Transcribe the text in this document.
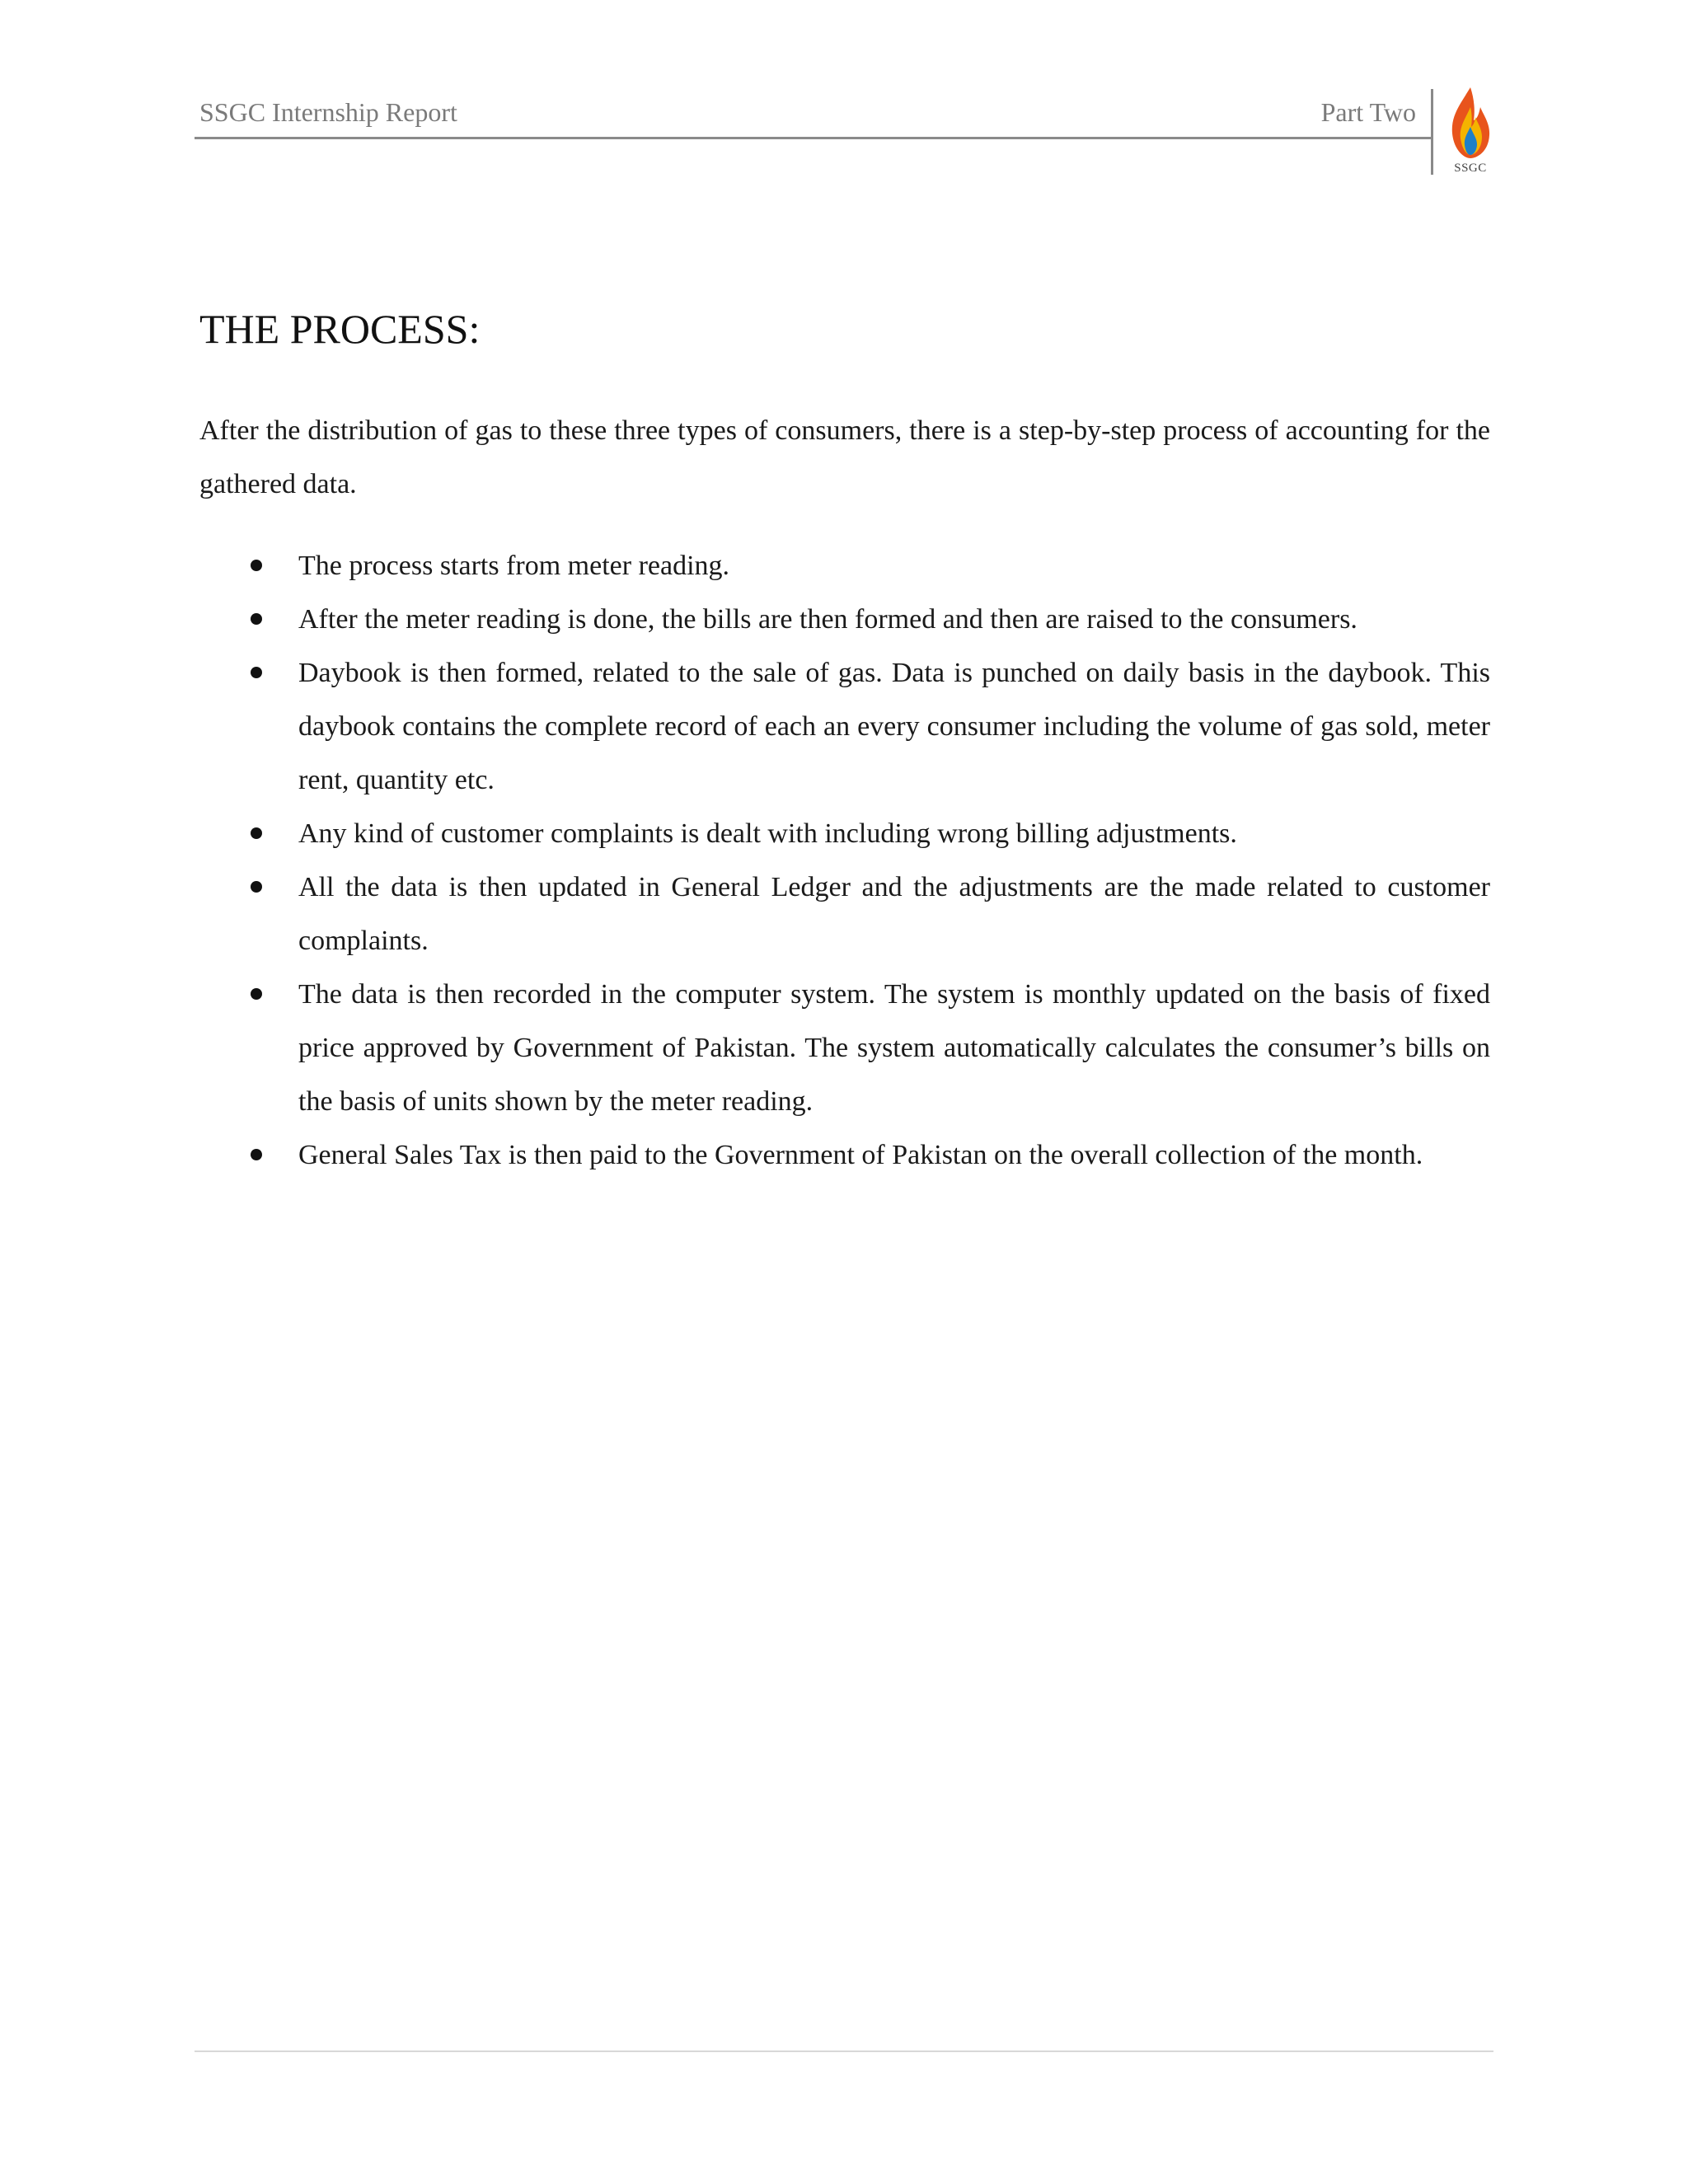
SSGC Internship Report	Part Two
SSGC
THE PROCESS:

After the distribution of gas to these three types of consumers, there is a step-by-step process of accounting for the gathered data.

The process starts from meter reading.
After the meter reading is done, the bills are then formed and then are raised to the consumers.
Daybook is then formed, related to the sale of gas. Data is punched on daily basis in the daybook. This daybook contains the complete record of each an every consumer including the volume of gas sold, meter rent, quantity etc.
Any kind of customer complaints is dealt with including wrong billing adjustments.
All the data is then updated in General Ledger and the adjustments are the made related to customer complaints.
The data is then recorded in the computer system. The system is monthly updated on the basis of fixed price approved by Government of Pakistan. The system automatically calculates the consumer’s bills on the basis of units shown by the meter reading.
General Sales Tax is then paid to the Government of Pakistan on the overall collection of the month.
